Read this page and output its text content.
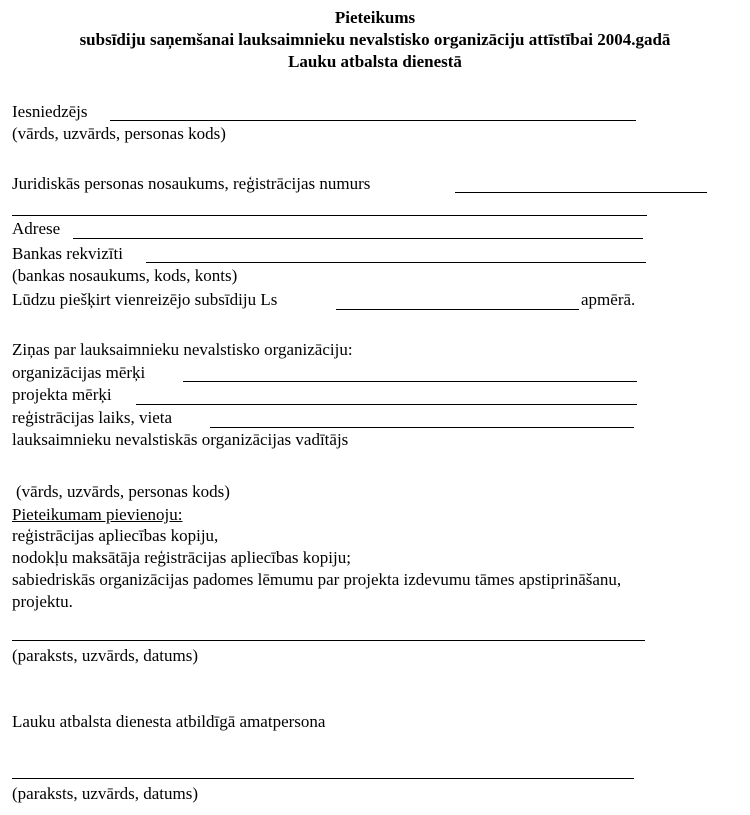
Pieteikums
subsīdiju saņemšanai lauksaimnieku nevalstisko organizāciju attīstībai 2004.gadā
Lauku atbalsta dienestā
Iesniedzējs
(vārds, uzvārds, personas kods)
Juridiskās personas nosaukums, reģistrācijas numurs
Adrese
Bankas rekvizīti
(bankas nosaukums, kods, konts)
Lūdzu piešķirt vienreizējo subsīdiju Ls	apmērā.
Ziņas par lauksaimnieku nevalstisko organizāciju:
organizācijas mērķi
projekta mērķi
reģistrācijas laiks, vieta
lauksaimnieku nevalstiskās organizācijas vadītājs
(vārds, uzvārds, personas kods)
Pieteikumam pievienoju:
reģistrācijas apliecības kopiju,
nodokļu maksātāja reģistrācijas apliecības kopiju;
sabiedriskās organizācijas padomes lēmumu par projekta izdevumu tāmes apstiprināšanu,
projektu.
(paraksts, uzvārds, datums)
Lauku atbalsta dienesta atbildīgā amatpersona
(paraksts, uzvārds, datums)
